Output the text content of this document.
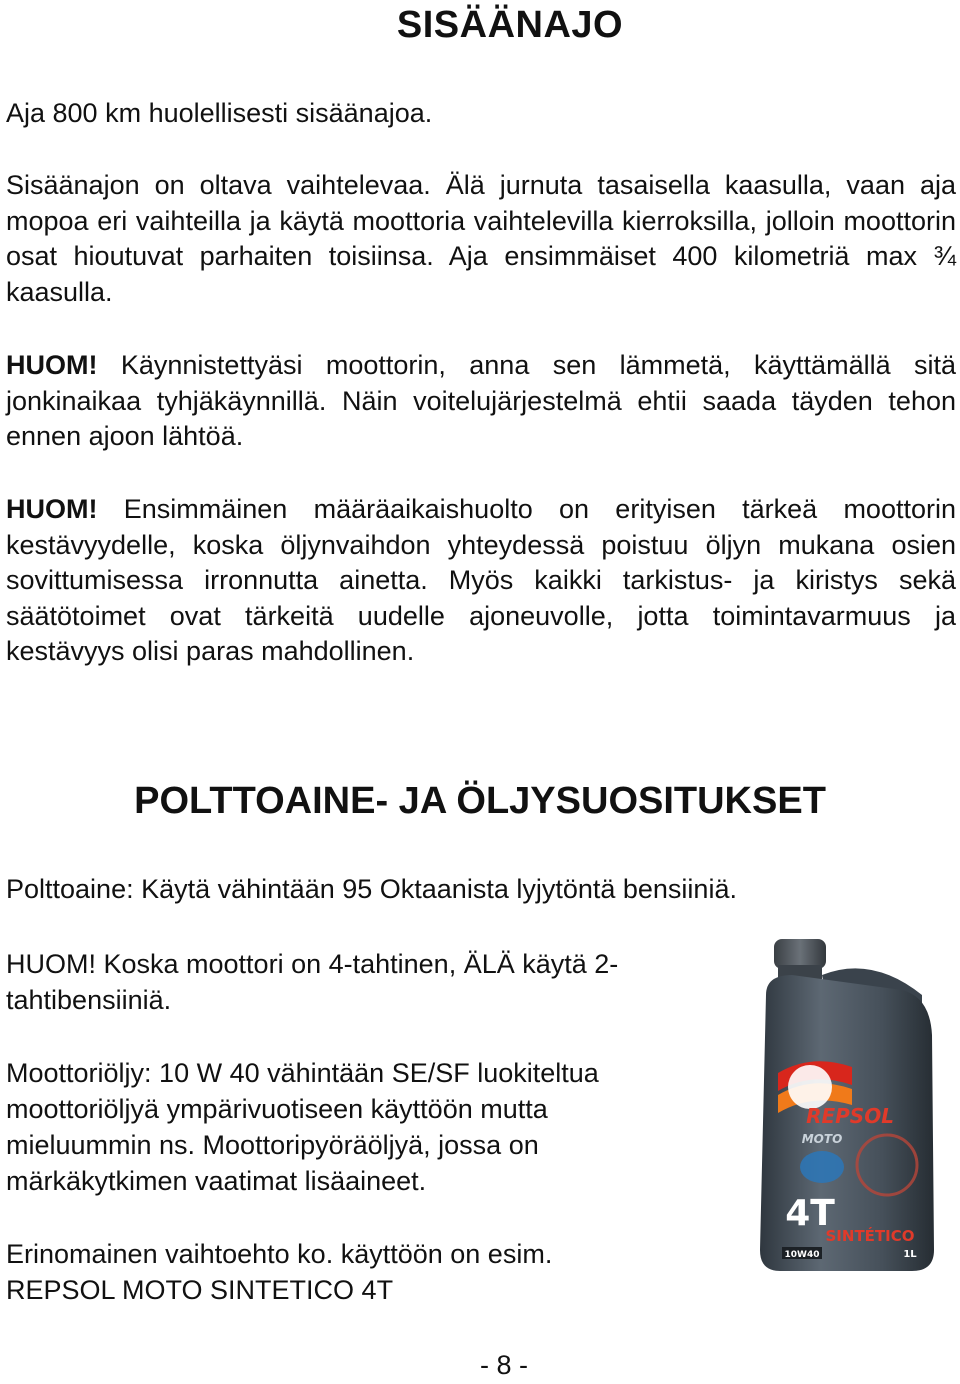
SISÄÄNAJO
Aja 800 km huolellisesti sisäänajoa.
Sisäänajon on oltava vaihtelevaa. Älä jurnuta tasaisella kaasulla, vaan aja mopoa eri vaihteilla ja käytä moottoria vaihtelevilla kierroksilla, jolloin moottorin osat hioutuvat parhaiten toisiinsa. Aja ensimmäiset 400 kilometriä max ¾ kaasulla.
HUOM! Käynnistettyäsi moottorin, anna sen lämmetä, käyttämällä sitä jonkinaikaa tyhjäkäynnillä. Näin voitelujärjestelmä ehtii saada täyden tehon ennen ajoon lähtöä.
HUOM! Ensimmäinen määräaikaishuolto on erityisen tärkeä moottorin kestävyydelle, koska öljynvaihdon yhteydessä poistuu öljyn mukana osien sovittumisessa irronnutta ainetta. Myös kaikki tarkistus- ja kiristys sekä säätötoimet ovat tärkeitä uudelle ajoneuvolle, jotta toimintavarmuus ja kestävyys olisi paras mahdollinen.
POLTTOAINE- JA ÖLJYSUOSITUKSET
Polttoaine: Käytä vähintään 95 Oktaanista lyjytöntä bensiiniä.
HUOM! Koska moottori on 4-tahtinen, ÄLÄ käytä 2-tahtibensiiniä.
Moottoriöljy: 10 W 40 vähintään SE/SF luokiteltua moottoriöljyä ympärivuotiseen käyttöön mutta mieluummin ns. Moottoripyöräöljyä, jossa on märkäkytkimen vaatimat lisäaineet.
Erinomainen vaihtoehto ko. käyttöön on esim. REPSOL MOTO SINTETICO 4T
REPSOL
MOTO
4T
SINTÉTICO
10W40	1L
- 8 -
